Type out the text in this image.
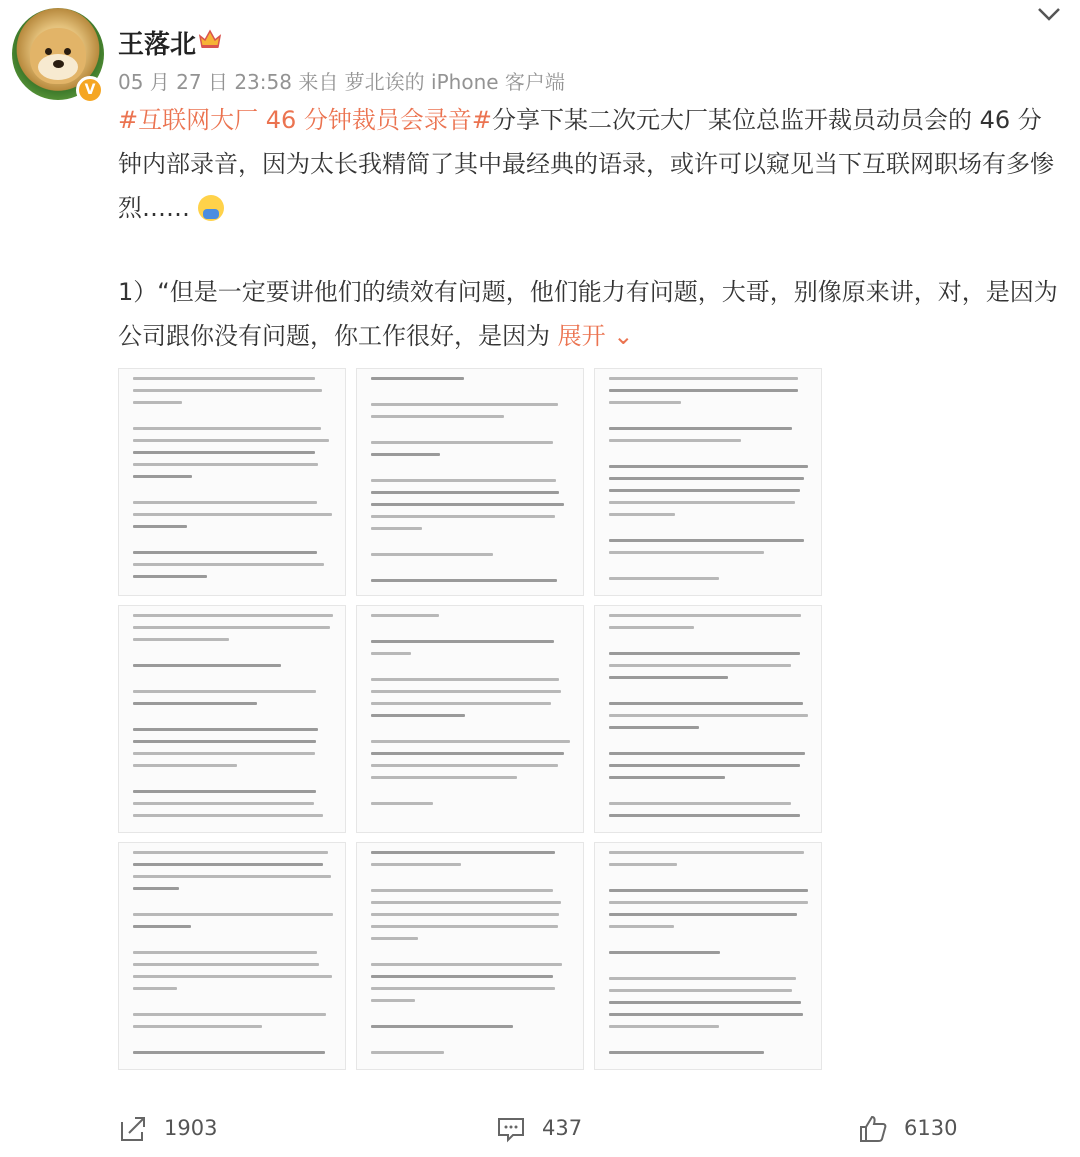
V
王落北
05 月 27 日 23:58 来自 萝北诶的 iPhone 客户端
#互联网大厂 46 分钟裁员会录音#分享下某二次元大厂某位总监开裁员动员会的 46 分钟内部录音，因为太长我精简了其中最经典的语录，或许可以窥见当下互联网职场有多惨烈……
1）“但是一定要讲他们的绩效有问题，他们能力有问题，大哥，别像原来讲，对，是因为公司跟你没有问题，你工作很好，是因为 展开 ⌄
1903	437	6130
